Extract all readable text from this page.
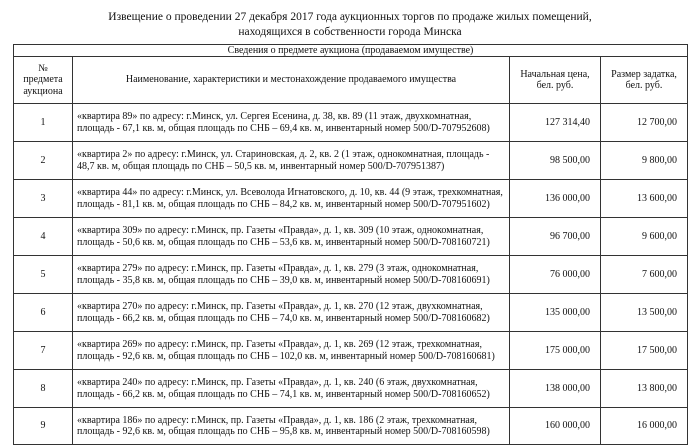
Извещение о проведении 27 декабря 2017 года аукционных торгов по продаже жилых помещений,
находящихся в собственности города Минска
Сведения о предмете аукциона (продаваемом имуществе)			
№ предмета аукциона	Наименование, характеристики и местонахождение продаваемого имущества	Начальная цена, бел. руб.	Размер задатка, бел. руб.
1	«квартира 89» по адресу: г.Минск, ул. Сергея Есенина, д. 38, кв. 89 (11 этаж, двухкомнатная, площадь - 67,1 кв. м, общая площадь по СНБ – 69,4 кв. м, инвентарный номер 500/D-707952608)	127 314,40	12 700,00
2	«квартира 2» по адресу: г.Минск, ул. Стариновская, д. 2, кв. 2 (1 этаж, однокомнатная, площадь - 48,7 кв. м, общая площадь по СНБ – 50,5 кв. м, инвентарный номер 500/D-707951387)	98 500,00	9 800,00
3	«квартира 44» по адресу: г.Минск, ул. Всеволода Игнатовского, д. 10, кв. 44 (9 этаж, трехкомнатная, площадь - 81,1 кв. м, общая площадь по СНБ – 84,2 кв. м, инвентарный номер 500/D-707951602)	136 000,00	13 600,00
4	«квартира 309» по адресу: г.Минск, пр. Газеты «Правда», д. 1, кв. 309 (10 этаж, однокомнатная, площадь - 50,6 кв. м, общая площадь по СНБ – 53,6 кв. м, инвентарный номер 500/D-708160721)	96 700,00	9 600,00
5	«квартира 279» по адресу: г.Минск, пр. Газеты «Правда», д. 1, кв. 279 (3 этаж, однокомнатная, площадь - 35,8 кв. м, общая площадь по СНБ – 39,0 кв. м, инвентарный номер 500/D-708160691)	76 000,00	7 600,00
6	«квартира 270» по адресу: г.Минск, пр. Газеты «Правда», д. 1, кв. 270 (12 этаж, двухкомнатная, площадь - 66,2 кв. м, общая площадь по СНБ – 74,0 кв. м, инвентарный номер 500/D-708160682)	135 000,00	13 500,00
7	«квартира 269» по адресу: г.Минск, пр. Газеты «Правда», д. 1, кв. 269 (12 этаж, трехкомнатная, площадь - 92,6 кв. м, общая площадь по СНБ – 102,0 кв. м, инвентарный номер 500/D-708160681)	175 000,00	17 500,00
8	«квартира 240» по адресу: г.Минск, пр. Газеты «Правда», д. 1, кв. 240 (6 этаж, двухкомнатная, площадь - 66,2 кв. м, общая площадь по СНБ – 74,1 кв. м, инвентарный номер 500/D-708160652)	138 000,00	13 800,00
9	«квартира 186» по адресу: г.Минск, пр. Газеты «Правда», д. 1, кв. 186 (2 этаж, трехкомнатная, площадь - 92,6 кв. м, общая площадь по СНБ – 95,8 кв. м, инвентарный номер 500/D-708160598)	160 000,00	16 000,00
